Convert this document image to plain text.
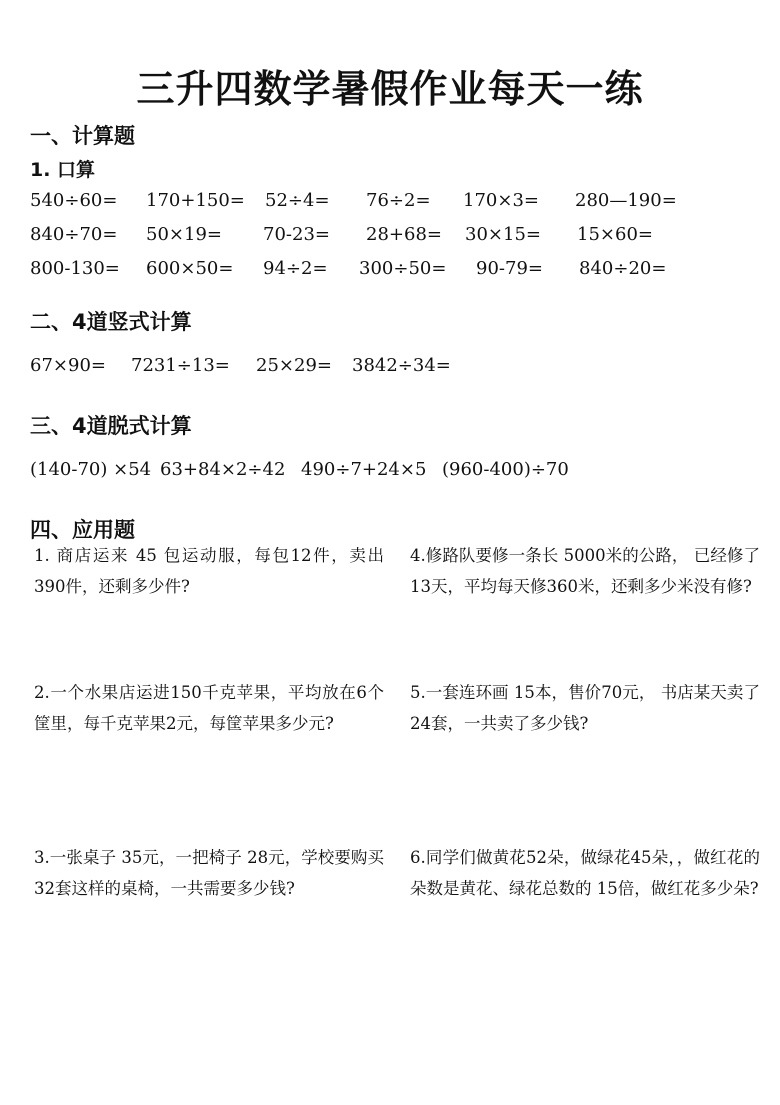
三升四数学暑假作业每天一练
一、计算题
1. 口算
540÷60= 170+150= 52÷4= 76÷2= 170×3= 280—190=
840÷70= 50×19= 70-23= 28+68= 30×15= 15×60=
800-130= 600×50= 94÷2= 300÷50= 90-79= 840÷20=
二、4道竖式计算
67×90= 7231÷13= 25×29= 3842÷34=
三、4道脱式计算
(140-70) ×54 63+84×2÷42 490÷7+24×5 (960-400)÷70
四、应用题
1. 商店运来 45 包运动服，每包12件，卖出390件，还剩多少件?
4.修路队要修一条长 5000米的公路， 已经修了13天，平均每天修360米，还剩多少米没有修?
2.一个水果店运进150千克苹果，平均放在6个筐里，每千克苹果2元，每筐苹果多少元?
5.一套连环画 15本，售价70元， 书店某天卖了 24套，一共卖了多少钱?
3.一张桌子 35元，一把椅子 28元，学校要购买 32套这样的桌椅，一共需要多少钱?
6.同学们做黄花52朵，做绿花45朵，，做红花的朵数是黄花、绿花总数的 15倍，做红花多少朵?
